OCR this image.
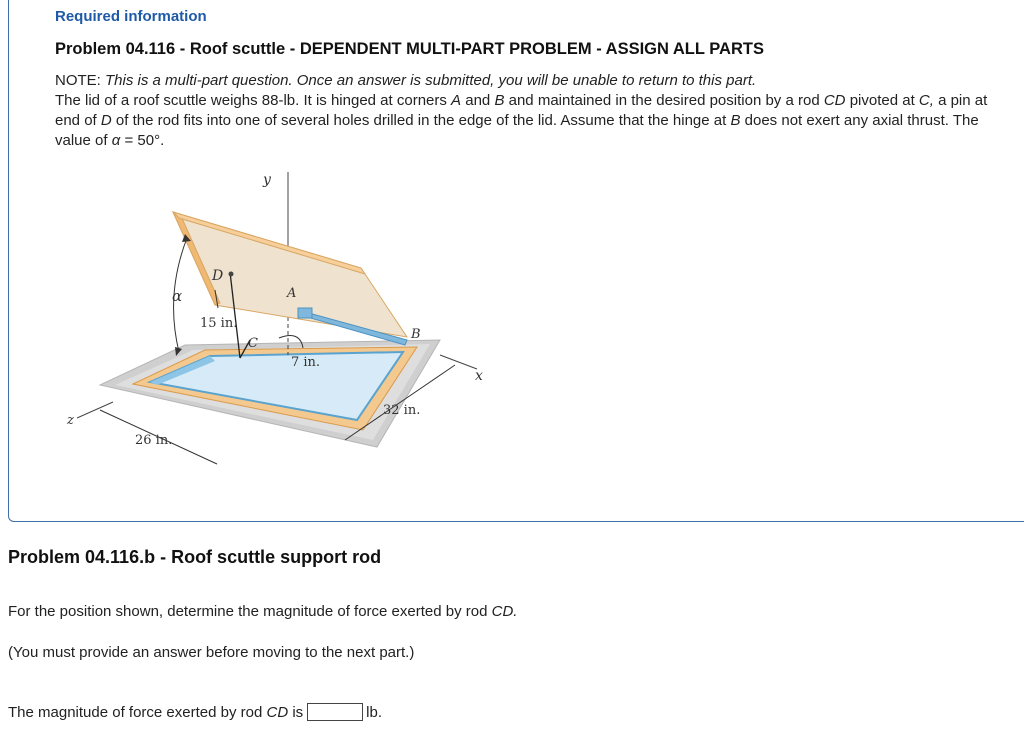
Required information
Problem 04.116 - Roof scuttle - DEPENDENT MULTI-PART PROBLEM - ASSIGN ALL PARTS
NOTE: This is a multi-part question. Once an answer is submitted, you will be unable to return to this part.
The lid of a roof scuttle weighs 88-lb. It is hinged at corners A and B and maintained in the desired position by a rod CD pivoted at C, a pin at end of D of the rod fits into one of several holes drilled in the edge of the lid. Assume that the hinge at B does not exert any axial thrust. The value of α = 50°.
y
D
A
α
15 in.
C
B
7 in.
x
32 in.
z
26 in.
Problem 04.116.b - Roof scuttle support rod
For the position shown, determine the magnitude of force exerted by rod CD.
(You must provide an answer before moving to the next part.)
The magnitude of force exerted by rod
CD
is	lb.
